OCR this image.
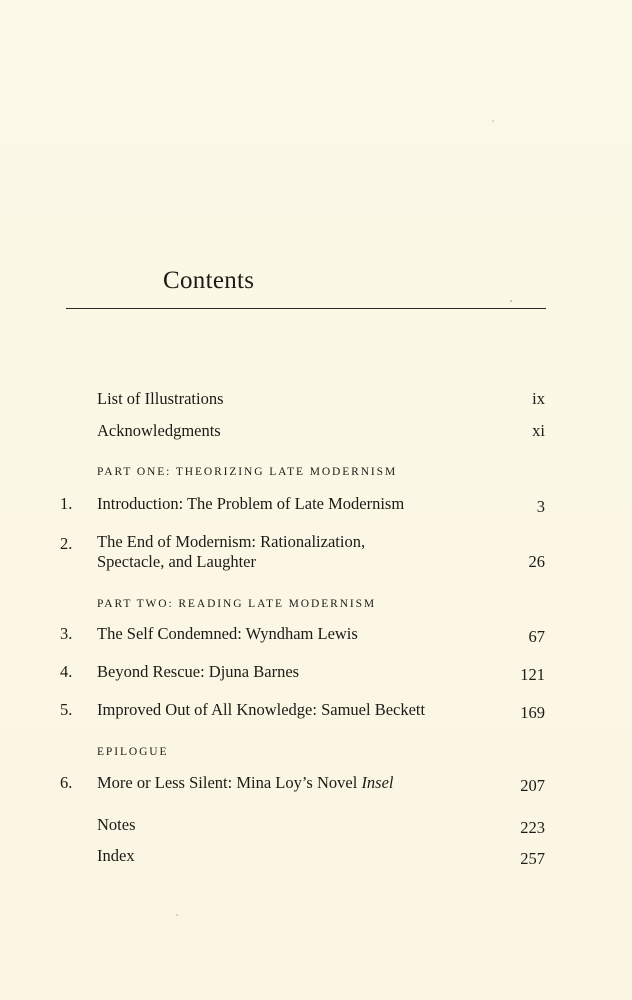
Contents
List of Illustrations	ix
Acknowledgments	xi
PART ONE: THEORIZING LATE MODERNISM
1.	Introduction: The Problem of Late Modernism	3
2.	The End of Modernism: Rationalization,
Spectacle, and Laughter	26
PART TWO: READING LATE MODERNISM
3.	The Self Condemned: Wyndham Lewis	67
4.	Beyond Rescue: Djuna Barnes	121
5.	Improved Out of All Knowledge: Samuel Beckett	169
EPILOGUE
6.	More or Less Silent: Mina Loy’s Novel Insel	207
Notes	223
Index	257
